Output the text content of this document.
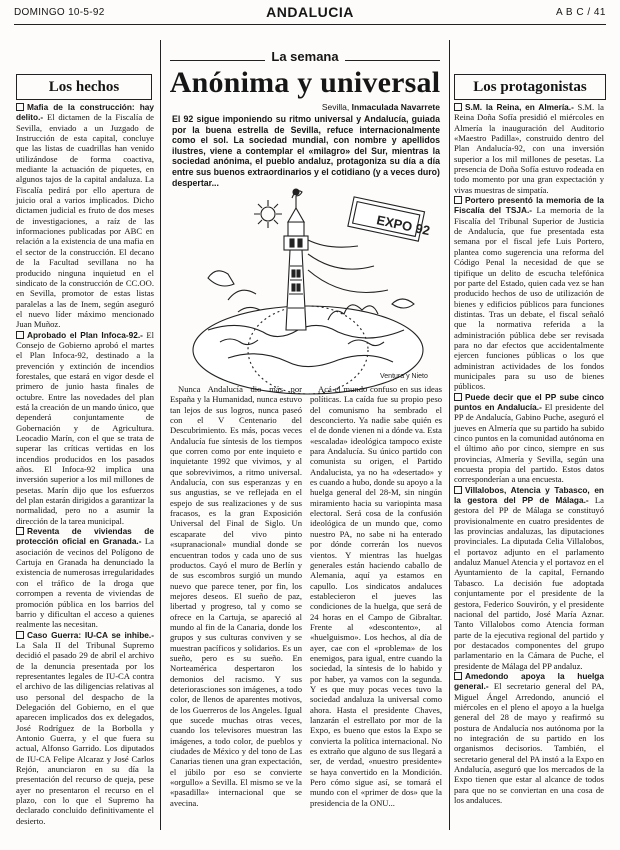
DOMINGO 10-5-92	ANDALUCIA	A B C / 41
Los hechos

Mafia de la construcción: hay delito.- El dictamen de la Fiscalía de Sevilla, enviado a un Juzgado de Instrucción de esta capital, concluye que las listas de cuadrillas han venido utilizándose de forma coactiva, mediante la actuación de piquetes, en algunos tajos de la capital andaluza. La Fiscalía pedirá por ello apertura de juicio oral a varios implicados. Dicho dictamen judicial es fruto de dos meses de investigaciones, a raíz de las informaciones publicadas por ABC en relación a la existencia de una mafia en el sector de la construcción. El decano de la Facultad sevillana no ha producido ninguna inquietud en el sindicato de la construcción de CC.OO. en Sevilla, promotor de estas listas paralelas a las de Inem, según aseguró el nuevo líder máximo mencionado Juan Muñoz.

Aprobado el Plan Infoca-92.- El Consejo de Gobierno aprobó el martes el Plan Infoca-92, destinado a la prevención y extinción de incendios forestales, que estará en vigor desde el primero de junio hasta finales de octubre. Entre las novedades del plan está la creación de un mando único, que dependerá conjuntamente de Gobernación y de Agricultura. Leocadio Marín, con el que se trata de superar las críticas vertidas en los incendios producidos en los pasados años. El Infoca-92 implica una inversión superior a los mil millones de pesetas. Marín dijo que los esfuerzos del plan estarán dirigidos a garantizar la normalidad, pero no a asumir la dirección de la tarea municipal.

Reventa de viviendas de protección oficial en Granada.- La asociación de vecinos del Polígono de Cartuja en Granada ha denunciado la existencia de numerosas irregularidades con el tráfico de la droga que corrompen a reventa de viviendas de promoción pública en los barrios del barrio y dificultan el acceso a quienes realmente las necesitan.

Caso Guerra: IU-CA se inhibe.- La Sala II del Tribunal Supremo decidió el pasado 29 de abril el archivo de la denuncia presentada por los representantes legales de IU-CA contra el archivo de las diligencias relativas al uso personal del despacho de la Delegación del Gobierno, en el que aparecen implicados dos ex delegados, José Rodríguez de la Borbolla y Antonio Guerra, y el que fuera su actual, Alfonso Garrido. Los diputados de IU-CA Felipe Alcaraz y José Carlos Rejón, anunciaron en su día la presentación del recurso de queja, pese ayer no presentaron el recurso en el plazo, con lo que el Supremo ha declarado concluido definitivamente el desierto.

La semana
Anónima y universal
Sevilla, Inmaculada Navarrete
El 92 sigue imponiendo su ritmo universal y Andalucía, guiada por la buena estrella de Sevilla, refuce internacionalmente como el sol. La sociedad mundial, con nombre y apellidos ilustres, viene a contemplar el «milagro» del Sur, mientras la sociedad anónima, el pueblo andaluz, protagoniza su día a día entre sus buenos extraordinarios y el cotidiano (y a veces duro) despertar...
EXPO 92
Ventura y Nieto

Nunca Andalucía dio más por España y la Humanidad, nunca estuvo tan lejos de sus logros, nunca paseó con el V Centenario del Descubrimiento. Es más, pocas veces Andalucía fue síntesis de los tiempos que corren como por ente inquieto e inquietante 1992 que vivimos, y al que sobrevivimos, a ritmo universal. Andalucía, con sus esperanzas y en sus angustias, se ve reflejada en el espejo de sus realizaciones y de sus fracasos, es la gran Exposición Universal del Final de Siglo. Un escaparate del vivo pinto «supranacional» mundial donde se encuentran todos y cada uno de sus productos. Cayó el muro de Berlín y de sus escombros surgió un mundo nuevo que parece tener, por fin, los mejores deseos. El sueño de paz, libertad y progreso, tal y como se ofrece en la Cartuja, se apareció al mundo al fin de la Canaria, donde los grupos y sus culturas conviven y se muestran pacíficos y solidarios. Es un sueño, pero es su sueño. En Norteamérica despertaron los demonios del racismo. Y sus deteriorasciones son imágenes, a todo color, de llenos de aparentes motivos, de los Guerreros de los Angeles. Igual que sucede muchas otras veces, cuando los televisores muestran las imágenes, a todo color, de pueblos y ciudades de México y del tono de Las Canarias tienen una gran expectación, el júbilo por eso se convierte «orgullo» a Sevilla. El mismo se ve la «pasadilla» internacional que se avecina.

Acá el mundo confuso en sus ideas políticas. La caída fue su propio peso del comunismo ha sembrado el desconcierto. Ya nadie sabe quién es el de donde vienen ni a dónde va. Esta «escalada» ideológica tampoco existe para Andalucía. Su único partido con comunista su origen, el Partido Andalucista, ya no ha «desertado» y es cuando a hubo, donde su apoyo a la huelga general del 28-M, sin ningún miramiento hacia su variopinta masa electoral. Será cosa de la confusión ideológica de un mundo que, como nuestro PA, no sabe ni ha enterado por dónde correrán los nuevos vientos. Y mientras las huelgas generales están haciendo caballo de Alemania, aquí ya estamos en capullo. Los sindicatos andaluces establecieron el jueves las condiciones de la huelga, que será de 24 horas en el Campo de Gibraltar. Frente al «descontento», al «huelguismo». Los hechos, al día de ayer, cae con el «problema» de los enemigos, para igual, entre cuando la sociedad, la síntesis de lo habido y por haber, ya vamos con la segunda. Y es que muy pocas veces tuvo la sociedad andaluza la universal como ahora. Hasta el presidente Chaves, lanzarán el estrellato por mor de la Expo, es bueno que estos la Expo se convierta la política internacional. No es extraño que alguno de sus llegará a ser, de verdad, «nuestro presidente» se haya convertido en la Mondición. Pero cómo sigue así, se tomará el mundo con el «primer de dos» que la presidencia de la ONU...

Los protagonistas

S.M. la Reina, en Almería.- S.M. la Reina Doña Sofía presidió el miércoles en Almería la inauguración del Auditorio «Maestro Padilla», construido dentro del Plan Andalucía-92, con una inversión superior a los mil millones de pesetas. La presencia de Doña Sofía estuvo rodeada en todo momento por una gran expectación y vivas muestras de simpatía.

Portero presentó la memoria de la Fiscalía del TSJA.- La memoria de la Fiscalía del Tribunal Superior de Justicia de Andalucía, que fue presentada esta semana por el fiscal jefe Luis Portero, plantea como sugerencia una reforma del Código Penal la necesidad de que se tipifique un delito de escucha telefónica por parte del Estado, quien cada vez se han producido hechos de uso de utilización de bienes y edificios públicos para funciones distintas. Tras un debate, el fiscal señaló que la normativa referida a la administración pública debe ser revisada para no dar efectos que accidentalmente ejercen funciones públicas o los que administran actividades de los fondos municipales para su uso de bienes públicos.

Puede decir que el PP sube cinco puntos en Andalucía.- El presidente del PP de Andalucía, Gabino Puche, aseguró el jueves en Almería que su partido ha subido cinco puntos en la comunidad autónoma en el último año por cinco, siempre en sus provincias, Almería y Sevilla, según una encuesta propia del partido. Estos datos corresponderían a una encuesta.

Villalobos, Atencia y Tabasco, en la gestora del PP de Málaga.- La gestora del PP de Málaga se constituyó provisionalmente en cuatro presidentes de las provincias andaluzas, las diputaciones provinciales. La diputada Celia Villalobos, el portavoz adjunto en el parlamento andaluz Manuel Atencia y el portavoz en el Ayuntamiento de la capital, Fernando Tabasco. La decisión fue adoptada conjuntamente por el presidente de la gestora, Federico Souvirón, y el presidente nacional del partido, José María Aznar. Tanto Villalobos como Atencia forman parte de la ejecutiva regional del partido y por destacados componentes del grupo parlamentario en la Cámara de Puche, el presidente de Málaga del PP andaluz.

Amedondo apoya la huelga general.- El secretario general del PA, Miguel Ángel Arredondo, anunció el miércoles en el pleno el apoyo a la huelga general del 28 de mayo y reafirmó su postura de Andalucía nos autónoma por la no integración de su partido en los organismos decisorios. También, el secretario general del PA instó a la Expo en Andalucía, aseguró que los mercados de la Expo tienen que estar al alcance de todos para que no se conviertan en una cosa de los andaluces.
